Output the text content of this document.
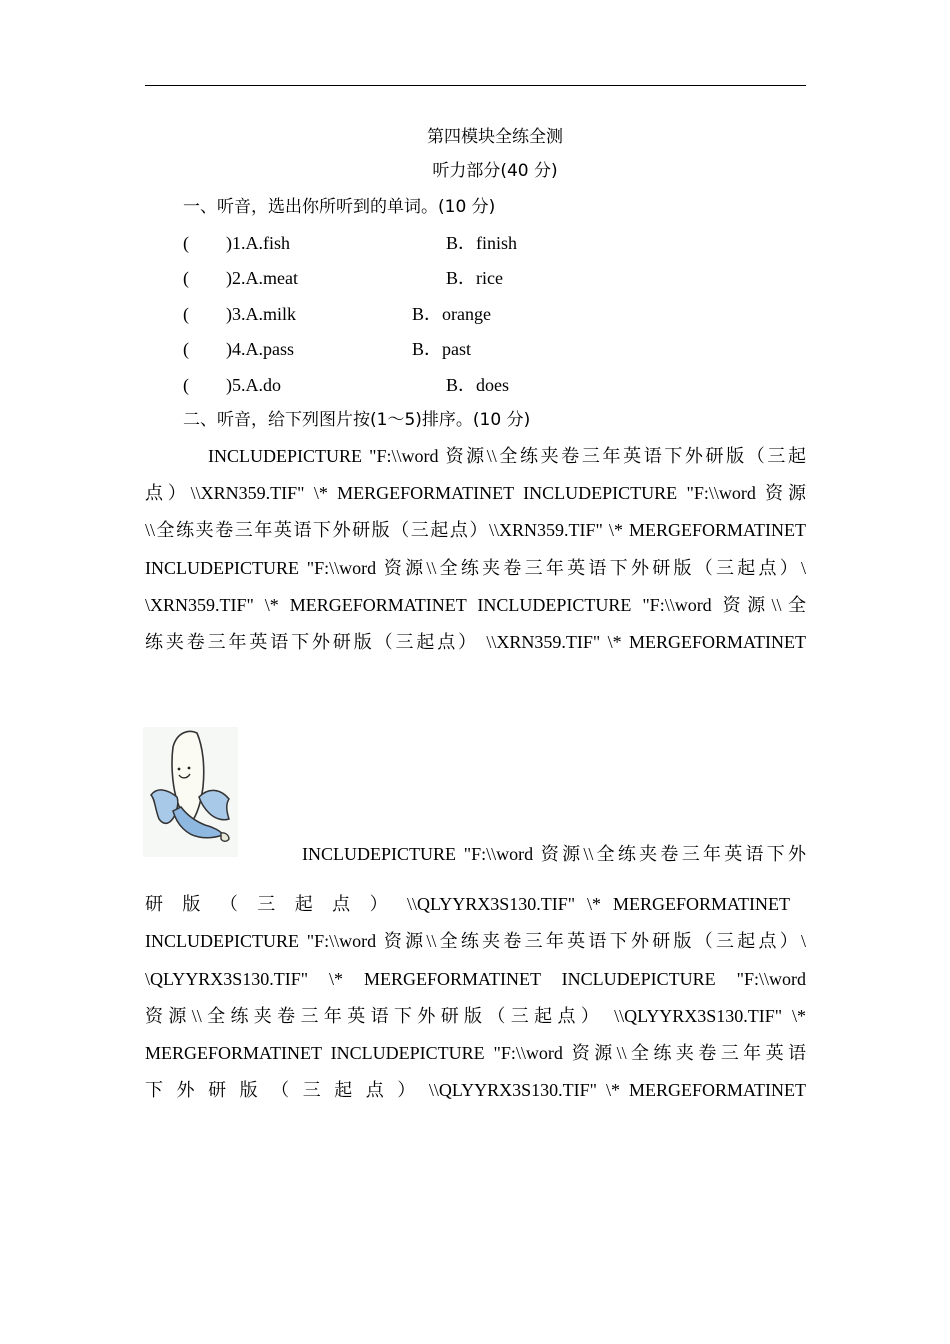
第四模块全练全测
听力部分(40 分)
一、听音，选出你所听到的单词。(10 分)
( )1.A.fish	B．finish
( )2.A.meat	B．rice
( )3.A.milk	B．orange
( )4.A.pass	B．past
( )5.A.do	B．does
二、听音，给下列图片按(1～5)排序。(10 分)
INCLUDEPICTURE "F:\\word 资源\\全练夹卷三年英语下外研版（三起
点）\\XRN359.TIF" \* MERGEFORMATINET INCLUDEPICTURE "F:\\word 资源
\\全练夹卷三年英语下外研版（三起点）\\XRN359.TIF" \* MERGEFORMATINET
INCLUDEPICTURE "F:\\word 资源\\全练夹卷三年英语下外研版（三起点）\
\XRN359.TIF" \* MERGEFORMATINET INCLUDEPICTURE "F:\\word 资源\\全
练夹卷三年英语下外研版（三起点） \\XRN359.TIF" \* MERGEFORMATINET
INCLUDEPICTURE "F:\\word 资源\\全练夹卷三年英语下外
研 版 （ 三 起 点 ） \\QLYYRX3S130.TIF" \* MERGEFORMATINET
INCLUDEPICTURE "F:\\word 资源\\全练夹卷三年英语下外研版（三起点）\
\QLYYRX3S130.TIF" \* MERGEFORMATINET INCLUDEPICTURE "F:\\word
资源\\全练夹卷三年英语下外研版（三起点） \\QLYYRX3S130.TIF" \*
MERGEFORMATINET INCLUDEPICTURE "F:\\word 资源\\全练夹卷三年英语
下 外 研 版 （ 三 起 点 ） \\QLYYRX3S130.TIF" \* MERGEFORMATINET
